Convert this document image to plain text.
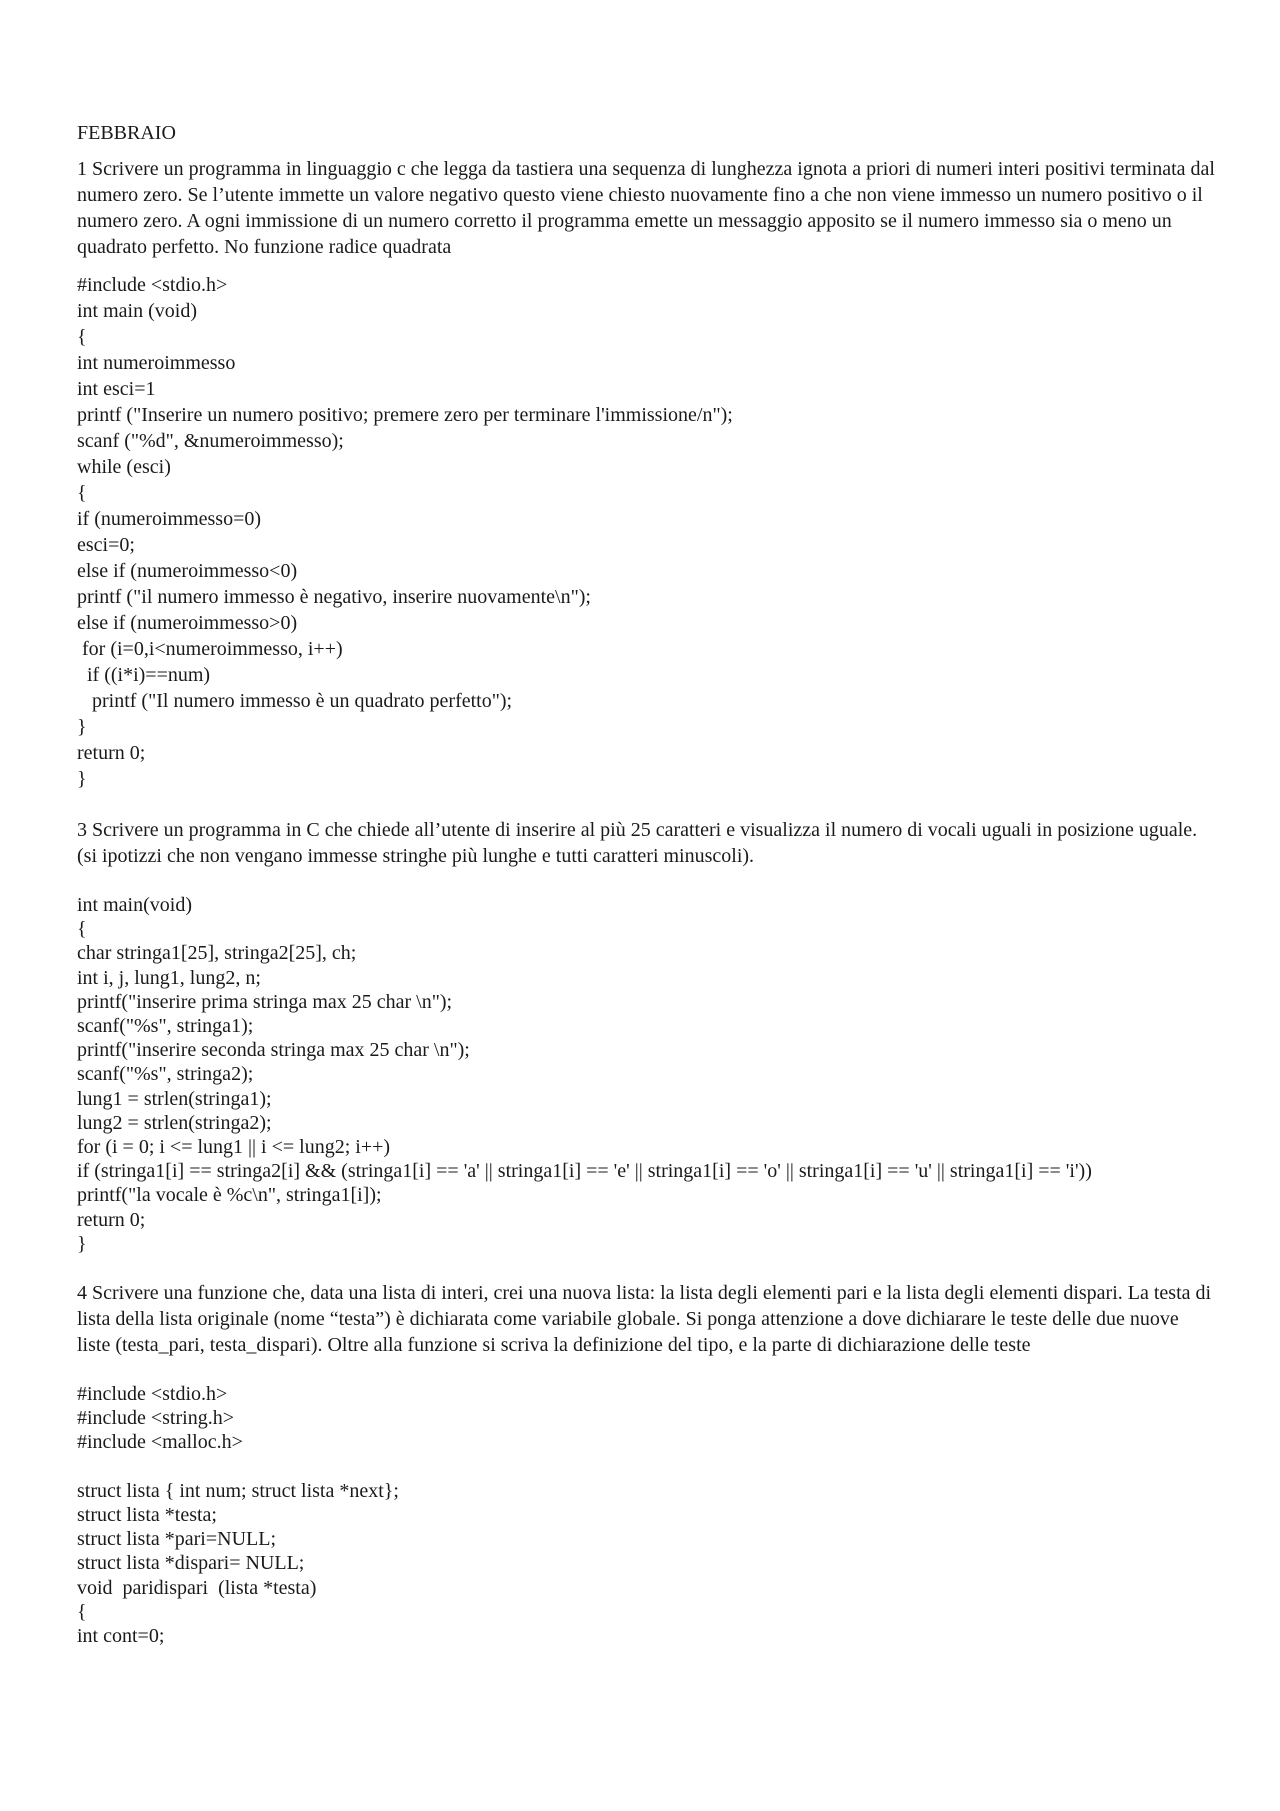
FEBBRAIO

1 Scrivere un programma in linguaggio c che legga da tastiera una sequenza di lunghezza ignota a priori di numeri interi positivi terminata dal numero zero. Se l’utente immette un valore negativo questo viene chiesto nuovamente fino a che non viene immesso un numero positivo o il numero zero. A ogni immissione di un numero corretto il programma emette un messaggio apposito se il numero immesso sia o meno un quadrato perfetto. No funzione radice quadrata

#include <stdio.h>
int main (void)
{
int numeroimmesso
int esci=1
printf ("Inserire un numero positivo; premere zero per terminare l'immissione/n");
scanf ("%d", &numeroimmesso);
while (esci)
{
if (numeroimmesso=0)
esci=0;
else if (numeroimmesso<0)
printf ("il numero immesso è negativo, inserire nuovamente\n");
else if (numeroimmesso>0)
for (i=0,i<numeroimmesso, i++)
if ((i*i)==num)
printf ("Il numero immesso è un quadrato perfetto");
}
return 0;
}

3 Scrivere un programma in C che chiede all’utente di inserire al più 25 caratteri e visualizza il numero di vocali uguali in posizione uguale. (si ipotizzi che non vengano immesse stringhe più lunghe e tutti caratteri minuscoli).

int main(void)
{
char stringa1[25], stringa2[25], ch;
int i, j, lung1, lung2, n;
printf("inserire prima stringa max 25 char \n");
scanf("%s", stringa1);
printf("inserire seconda stringa max 25 char \n");
scanf("%s", stringa2);
lung1 = strlen(stringa1);
lung2 = strlen(stringa2);
for (i = 0; i <= lung1 || i <= lung2; i++)
if (stringa1[i] == stringa2[i] && (stringa1[i] == 'a' || stringa1[i] == 'e' || stringa1[i] == 'o' || stringa1[i] == 'u' || stringa1[i] == 'i'))
printf("la vocale è %c\n", stringa1[i]);
return 0;
}

4 Scrivere una funzione che, data una lista di interi, crei una nuova lista: la lista degli elementi pari e la lista degli elementi dispari. La testa di lista della lista originale (nome “testa”) è dichiarata come variabile globale. Si ponga attenzione a dove dichiarare le teste delle due nuove liste (testa_pari, testa_dispari). Oltre alla funzione si scriva la definizione del tipo, e la parte di dichiarazione delle teste

#include <stdio.h>
#include <string.h>
#include <malloc.h>
struct lista { int num; struct lista *next};
struct lista *testa;
struct lista *pari=NULL;
struct lista *dispari= NULL;
void  paridispari  (lista *testa)
{
int cont=0;
